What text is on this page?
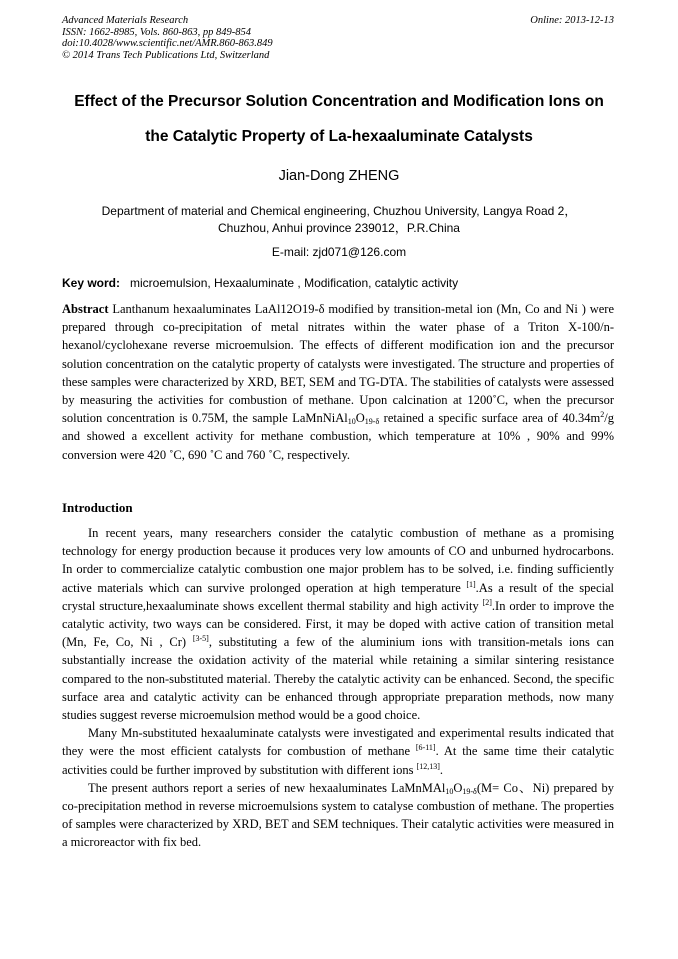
Advanced Materials Research
ISSN: 1662-8985, Vols. 860-863, pp 849-854
doi:10.4028/www.scientific.net/AMR.860-863.849
© 2014 Trans Tech Publications Ltd, Switzerland
Online: 2013-12-13
Effect of the Precursor Solution Concentration and Modification Ions on
the Catalytic Property of La-hexaaluminate Catalysts
Jian-Dong ZHENG
Department of material and Chemical engineering, Chuzhou University, Langya Road 2，
Chuzhou, Anhui province 239012，P.R.China
E-mail: zjd071@126.com
Key word: microemulsion, Hexaaluminate , Modification, catalytic activity
Abstract Lanthanum hexaaluminates LaAl12O19-δ modified by transition-metal ion (Mn, Co and Ni ) were prepared through co-precipitation of metal nitrates within the water phase of a Triton X-100/n-hexanol/cyclohexane reverse microemulsion. The effects of different modification ion and the precursor solution concentration on the catalytic property of catalysts were investigated. The structure and properties of these samples were characterized by XRD, BET, SEM and TG-DTA. The stabilities of catalysts were assessed by measuring the activities for combustion of methane. Upon calcination at 1200˚C, when the precursor solution concentration is 0.75M, the sample $LaMnNiAl_{10}O_{19-\delta}$ retained a specific surface area of $40.34m^2/g$ and showed a excellent activity for methane combustion, which temperature at 10% , 90% and 99% conversion were 420 ˚C, 690 ˚C and 760 ˚C, respectively.
Introduction

In recent years, many researchers consider the catalytic combustion of methane as a promising technology for energy production because it produces very low amounts of CO and unburned hydrocarbons. In order to commercialize catalytic combustion one major problem has to be solved, i.e. finding sufficiently active materials which can survive prolonged operation at high temperature [1].As a result of the special crystal structure,hexaaluminate shows excellent thermal stability and high activity [2].In order to improve the catalytic activity, two ways can be considered. First, it may be doped with active cation of transition metal (Mn, Fe, Co, Ni , Cr) [3-5], substituting a few of the aluminium ions with transition-metals ions can substantially increase the oxidation activity of the material while retaining a similar sintering resistance compared to the non-substituted material. Thereby the catalytic activity can be enhanced. Second, the specific surface area and catalytic activity can be enhanced through appropriate preparation methods, now many studies suggest reverse microemulsion method would be a good choice.

Many Mn-substituted hexaaluminate catalysts were investigated and experimental results indicated that they were the most efficient catalysts for combustion of methane [6-11]. At the same time their catalytic activities could be further improved by substitution with different ions [12,13].

The present authors report a series of new hexaaluminates $LaMnMAl_{10}O_{19-\delta}(M= Co$、Ni) prepared by co-precipitation method in reverse microemulsions system to catalyse combustion of methane. The properties of samples were characterized by XRD, BET and SEM techniques. Their catalytic activities were measured in a microreactor with fix bed.
